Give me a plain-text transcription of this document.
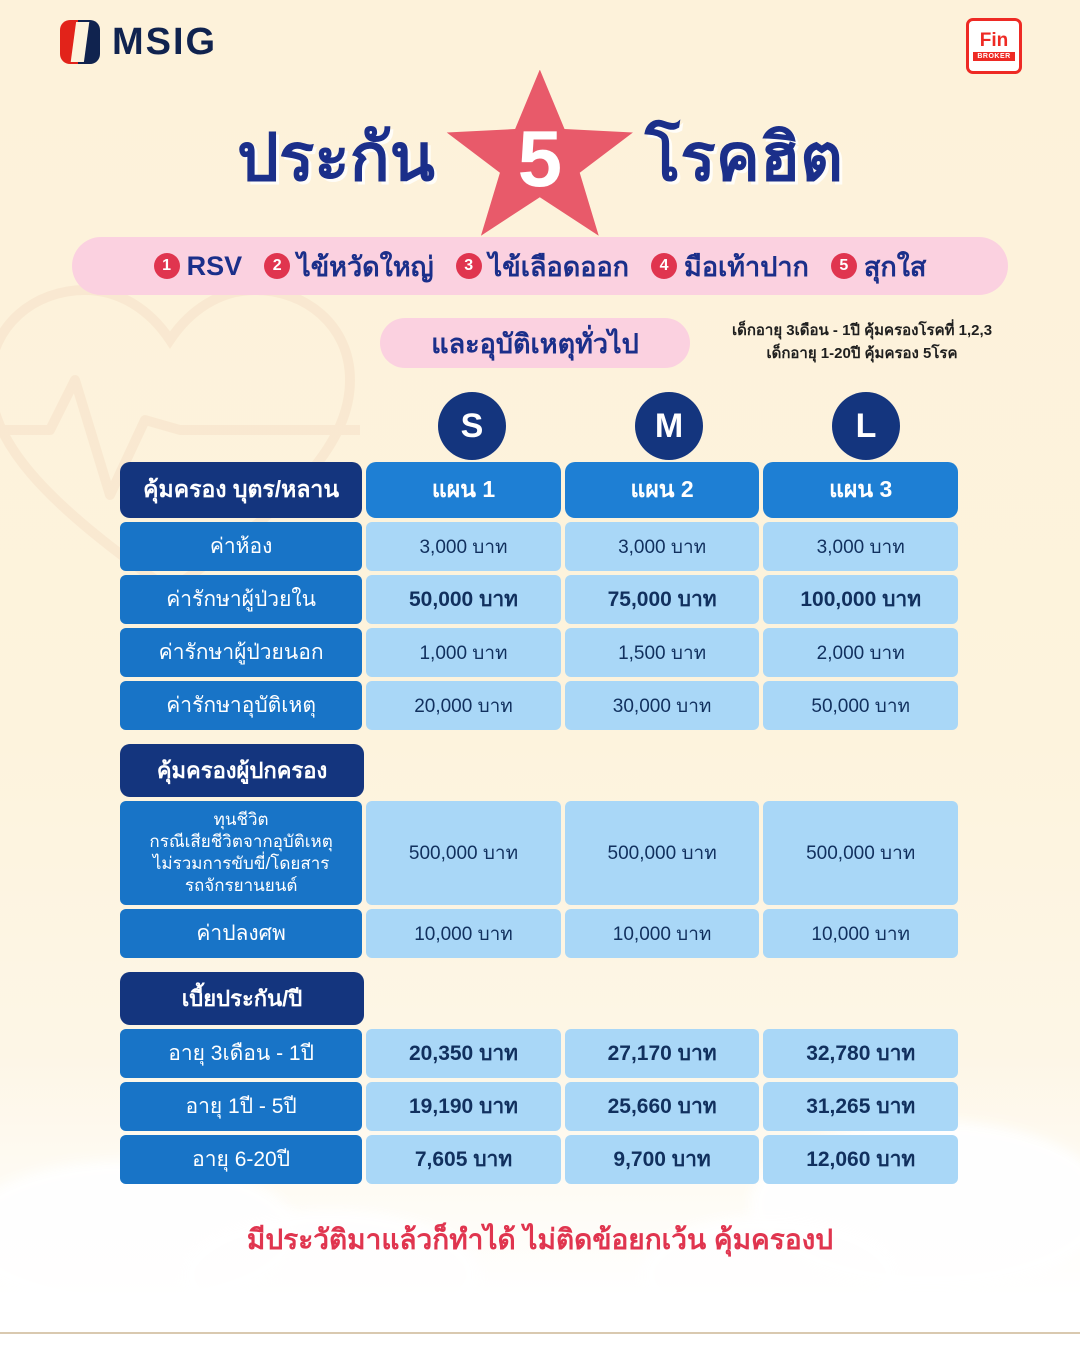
MSIG	Fin
BROKER
ประกัน 5 โรคฮิต
1 RSV	2 ไข้หวัดใหญ่	3 ไข้เลือดออก	4 มือเท้าปาก	5 สุกใส
และอุบัติเหตุทั่วไป	เด็กอายุ 3เดือน - 1ปี คุ้มครองโรคที่ 1,2,3
เด็กอายุ 1-20ปี คุ้มครอง 5โรค
S	M	L
คุ้มครอง บุตร/หลาน	แผน 1	แผน 2	แผน 3
ค่าห้อง	3,000 บาท	3,000 บาท	3,000 บาท
ค่ารักษาผู้ป่วยใน	50,000 บาท	75,000 บาท	100,000 บาท
ค่ารักษาผู้ป่วยนอก	1,000 บาท	1,500 บาท	2,000 บาท
ค่ารักษาอุบัติเหตุ	20,000 บาท	30,000 บาท	50,000 บาท
คุ้มครองผู้ปกครอง
ทุนชีวิต
กรณีเสียชีวิตจากอุบัติเหตุ
ไม่รวมการขับขี่/โดยสาร
รถจักรยานยนต์
500,000 บาท	500,000 บาท	500,000 บาท
ค่าปลงศพ	10,000 บาท	10,000 บาท	10,000 บาท
เบี้ยประกัน/ปี
อายุ 3เดือน - 1ปี	20,350 บาท	27,170 บาท	32,780 บาท
อายุ 1ปี - 5ปี	19,190 บาท	25,660 บาท	31,265 บาท
อายุ 6-20ปี	7,605 บาท	9,700 บาท	12,060 บาท
มีประวัติมาแล้วก็ทำได้ ไม่ติดข้อยกเว้น คุ้มครองป
